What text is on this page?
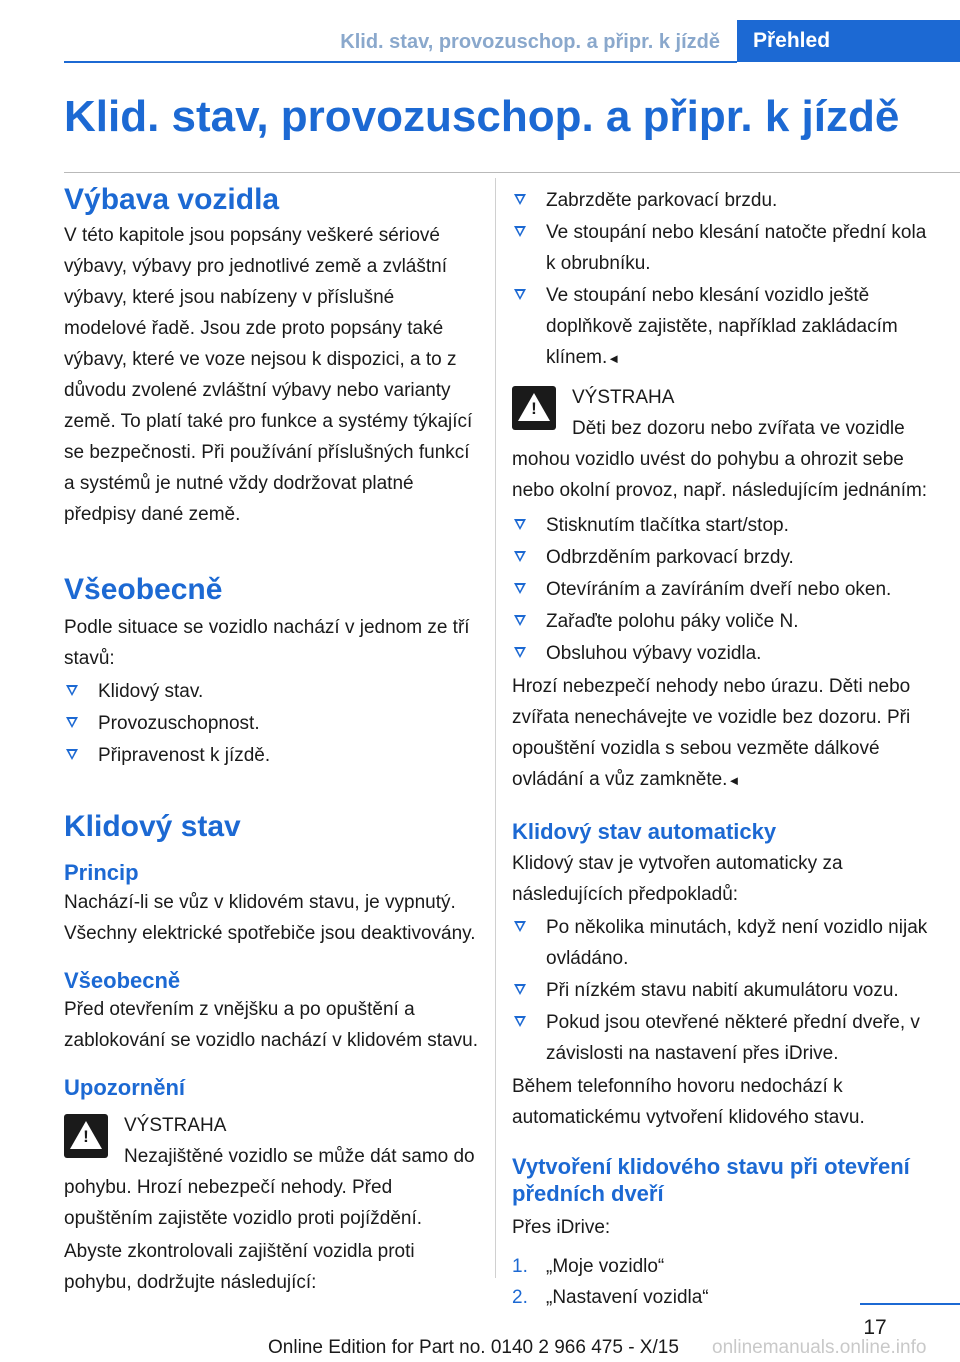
Klid. stav, provozuschop. a připr. k jízdě	Přehled
Klid. stav, provozuschop. a připr. k jízdě
Výbava vozidla

V této kapitole jsou popsány veškeré sériové výbavy, výbavy pro jednotlivé země a zvláštní výbavy, které jsou nabízeny v příslušné modelové řadě. Jsou zde proto popsány také výbavy, které ve voze nejsou k dispozici, a to z důvodu zvolené zvláštní výbavy nebo varianty země. To platí také pro funkce a systémy týkající se bezpečnosti. Při používání příslušných funkcí a systémů je nutné vždy dodržovat platné předpisy dané země.

Všeobecně

Podle situace se vozidlo nachází v jednom ze tří stavů:

Klidový stav.
Provozuschopnost.
Připravenost k jízdě.
Klidový stav
Princip

Nachází-li se vůz v klidovém stavu, je vypnutý. Všechny elektrické spotřebiče jsou deaktivovány.

Všeobecně

Před otevřením z vnějšku a po opuštění a zablokování se vozidlo nachází v klidovém stavu.

Upozornění
!

VÝSTRAHA

Nezajištěné vozidlo se může dát samo do pohybu. Hrozí nebezpečí nehody. Před opuštěním zajistěte vozidlo proti pojíždění.

Abyste zkontrolovali zajištění vozidla proti pohybu, dodržujte následující:

Zabrzděte parkovací brzdu.
Ve stoupání nebo klesání natočte přední kola k obrubníku.
Ve stoupání nebo klesání vozidlo ještě doplňkově zajistěte, například zakládacím klínem.◄
!

VÝSTRAHA

Děti bez dozoru nebo zvířata ve vozidle mohou vozidlo uvést do pohybu a ohrozit sebe nebo okolní provoz, např. následujícím jednáním:

Stisknutím tlačítka start/stop.
Odbrzděním parkovací brzdy.
Otevíráním a zavíráním dveří nebo oken.
Zařaďte polohu páky voliče N.
Obsluhou výbavy vozidla.

Hrozí nebezpečí nehody nebo úrazu. Děti nebo zvířata nenechávejte ve vozidle bez dozoru. Při opouštění vozidla s sebou vezměte dálkové ovládání a vůz zamkněte.◄

Klidový stav automaticky

Klidový stav je vytvořen automaticky za následujících předpokladů:

Po několika minutách, když není vozidlo nijak ovládáno.
Při nízkém stavu nabití akumulátoru vozu.
Pokud jsou otevřené některé přední dveře, v závislosti na nastavení přes iDrive.

Během telefonního hovoru nedochází k automatickému vytvoření klidového stavu.

Vytvoření klidového stavu při otevření předních dveří

Přes iDrive:

1. „Moje vozidlo“
2. „Nastavení vozidla“
17
Online Edition for Part no. 0140 2 966 475 - X/15 onlinemanuals.online.info
